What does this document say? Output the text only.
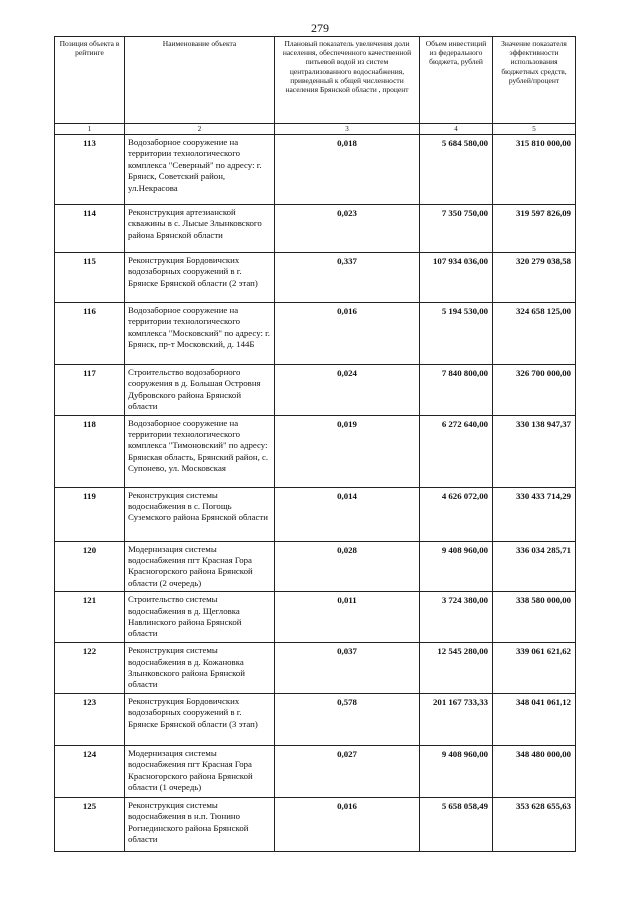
279
Позиция объекта в рейтинге	Наименование объекта	Плановый показатель увеличения доли населения, обеспеченного качественной питьевой водой из систем централизованного водоснабжения, приведенный к общей численности населения Брянской области , процент	Объем инвестиций из федерального бюджета, рублей	Значение показателя эффективности использования бюджетных средств, рублей/процент
1	2	3	4	5
113	Водозаборное сооружение на территории технологического комплекса "Северный" по адресу: г. Брянск, Советский район, ул.Некрасова	0,018	5 684 580,00	315 810 000,00
114	Реконструкция артезианской скважины в с. Лысые Злынковского района Брянской области	0,023	7 350 750,00	319 597 826,09
115	Реконструкция Бордовичских водозаборных сооружений в г. Брянске Брянской области (2 этап)	0,337	107 934 036,00	320 279 038,58
116	Водозаборное сооружение на территории технологического комплекса "Московский" по адресу: г. Брянск, пр-т Московский, д. 144Б	0,016	5 194 530,00	324 658 125,00
117	Строительство водозаборного сооружения в д. Большая Островня Дубровского района Брянской области	0,024	7 840 800,00	326 700 000,00
118	Водозаборное сооружение на территории технологического комплекса "Тимоновский" по адресу: Брянская область, Брянский район, с. Супонево, ул. Московская	0,019	6 272 640,00	330 138 947,37
119	Реконструкция системы водоснабжения в с. Погощь Суземского района Брянской области	0,014	4 626 072,00	330 433 714,29
120	Модернизация системы водоснабжения пгт Красная Гора Красногорского района Брянской области (2 очередь)	0,028	9 408 960,00	336 034 285,71
121	Строительство системы водоснабжения в д. Щегловка Навлинского района Брянской области	0,011	3 724 380,00	338 580 000,00
122	Реконструкция системы водоснабжения в д. Кожановка Злынковского района Брянской области	0,037	12 545 280,00	339 061 621,62
123	Реконструкция Бордовичских водозаборных сооружений в г. Брянске Брянской области (3 этап)	0,578	201 167 733,33	348 041 061,12
124	Модернизация системы водоснабжения пгт Красная Гора Красногорского района Брянской области (1 очередь)	0,027	9 408 960,00	348 480 000,00
125	Реконструкция системы водоснабжения в н.п. Тюнино Рогнединского района Брянской области	0,016	5 658 058,49	353 628 655,63
